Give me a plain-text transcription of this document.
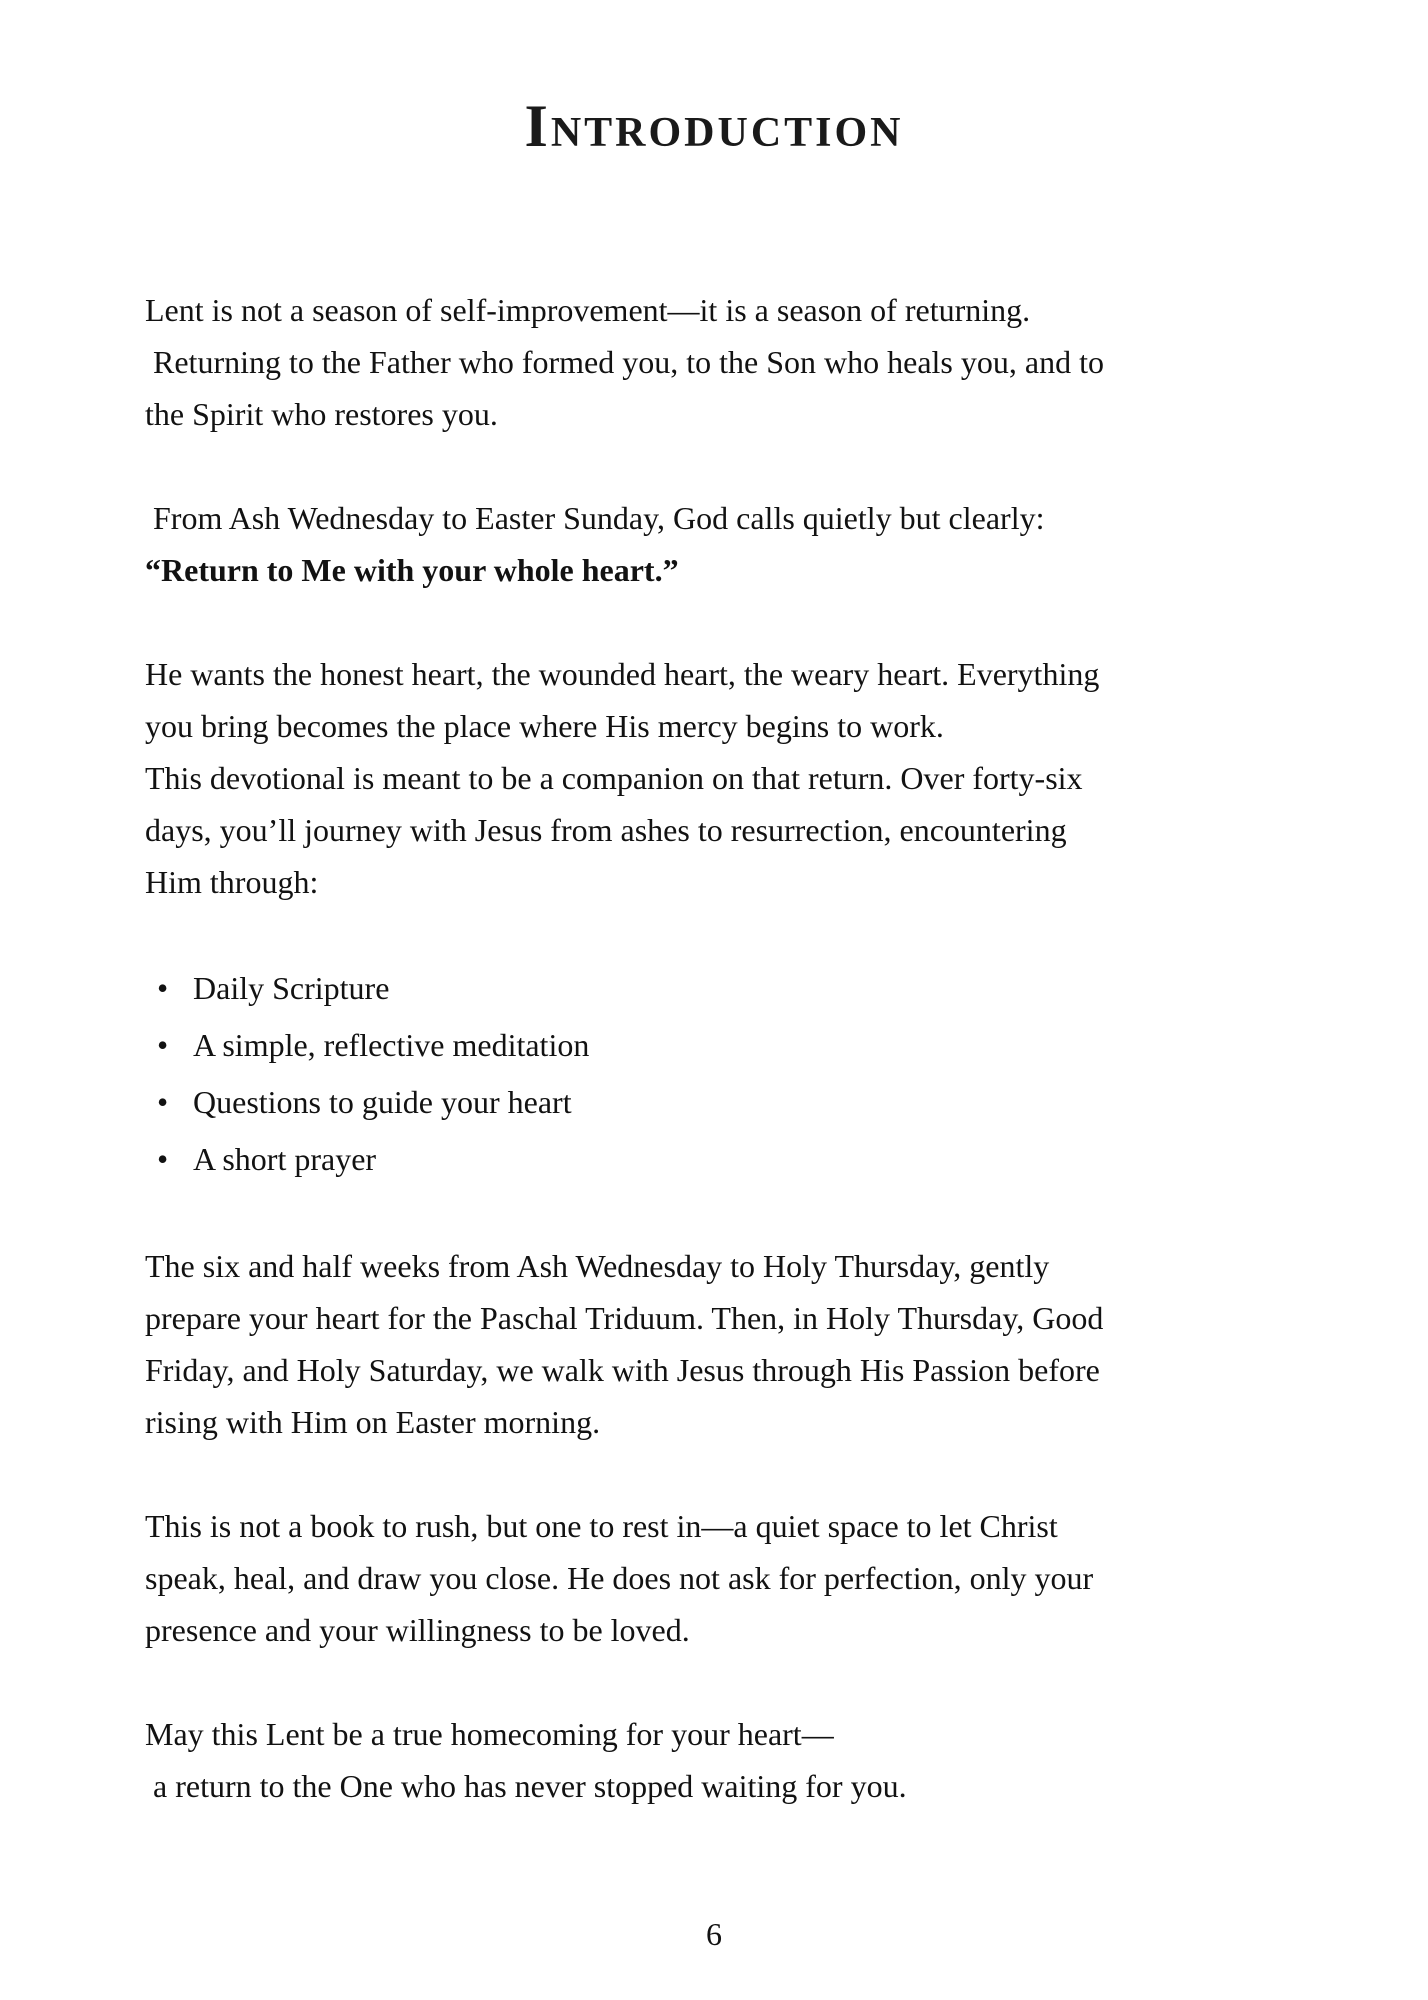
Introduction

Lent is not a season of self-improvement—it is a season of returning.
Returning to the Father who formed you, to the Son who heals you, and to
the Spirit who restores you.

From Ash Wednesday to Easter Sunday, God calls quietly but clearly:
“Return to Me with your whole heart.”

He wants the honest heart, the wounded heart, the weary heart. Everything
you bring becomes the place where His mercy begins to work.
This devotional is meant to be a companion on that return. Over forty-six
days, you’ll journey with Jesus from ashes to resurrection, encountering
Him through:

• Daily Scripture
• A simple, reflective meditation
• Questions to guide your heart
• A short prayer

The six and half weeks from Ash Wednesday to Holy Thursday, gently
prepare your heart for the Paschal Triduum. Then, in Holy Thursday, Good
Friday, and Holy Saturday, we walk with Jesus through His Passion before
rising with Him on Easter morning.

This is not a book to rush, but one to rest in—a quiet space to let Christ
speak, heal, and draw you close. He does not ask for perfection, only your
presence and your willingness to be loved.

May this Lent be a true homecoming for your heart—
a return to the One who has never stopped waiting for you.

6
